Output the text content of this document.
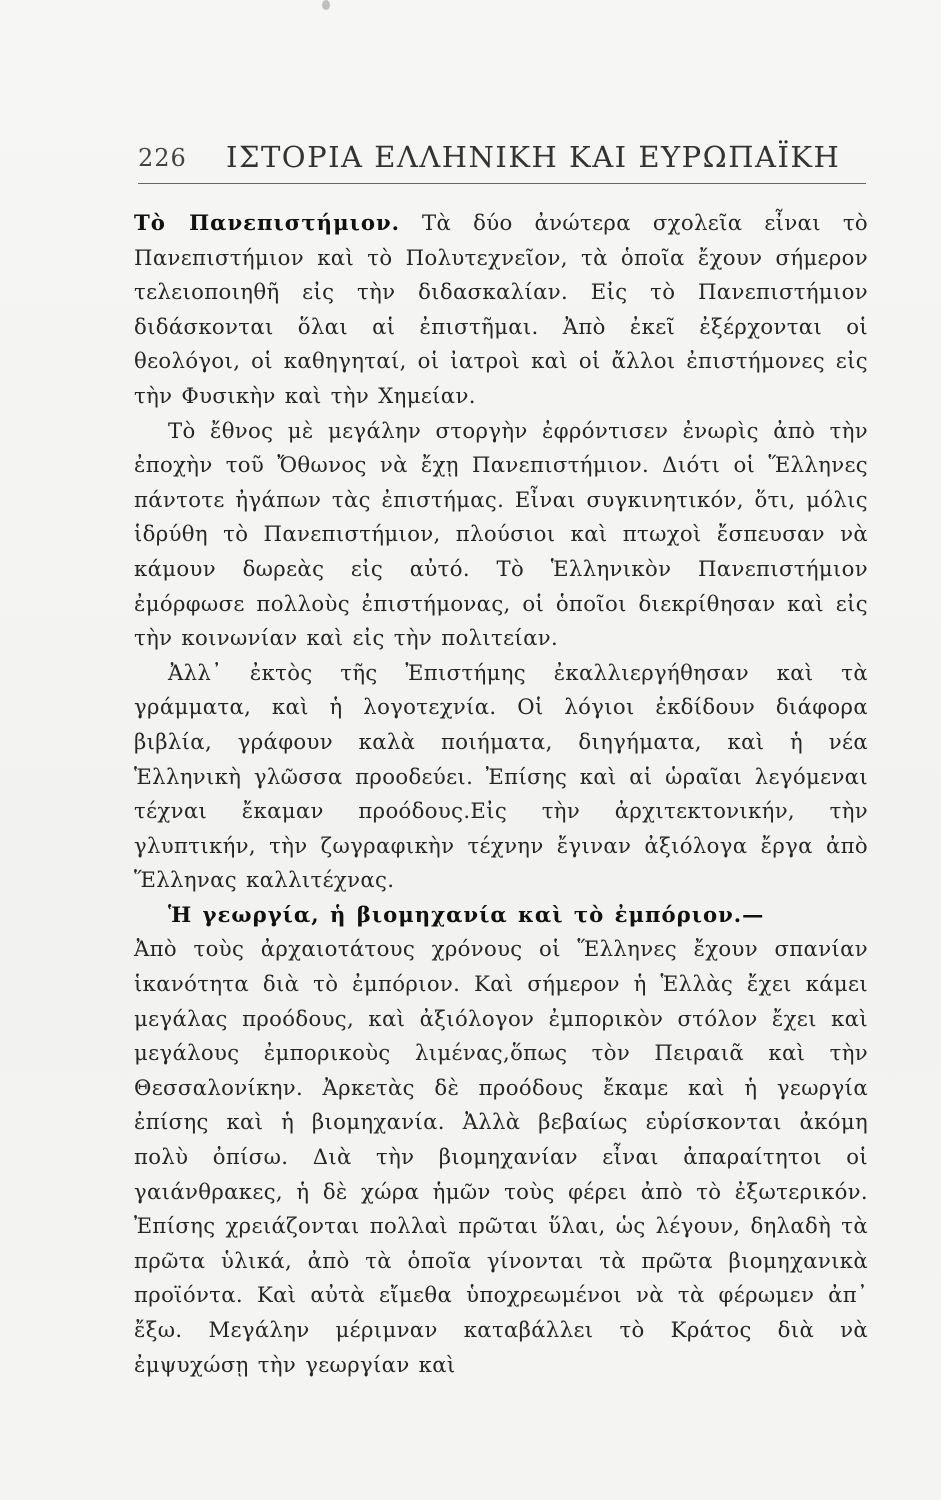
226 ΙΣΤΟΡΙΑ ΕΛΛΗΝΙΚΗ ΚΑΙ ΕΥΡΩΠΑΪΚΗ

Τὸ Πανεπιστήμιον. Τὰ δύο ἀνώτερα σχολεῖα εἶναι τὸ Πανεπιστήμιον καὶ τὸ Πολυτεχνεῖον, τὰ ὁποῖα ἔχουν σήμερον τελειοποιηθῆ εἰς τὴν διδασκαλίαν. Εἰς τὸ Πανεπιστήμιον διδάσκονται ὅλαι αἱ ἐπιστῆμαι. Ἀπὸ ἐκεῖ ἐξέρχονται οἱ θεολόγοι, οἱ καθηγηταί, οἱ ἰατροὶ καὶ οἱ ἄλλοι ἐπιστήμονες εἰς τὴν Φυσικὴν καὶ τὴν Χημείαν.

Τὸ ἔθνος μὲ μεγάλην στοργὴν ἐφρόντισεν ἐνωρὶς ἀπὸ τὴν ἐποχὴν τοῦ Ὄθωνος νὰ ἔχῃ Πανεπιστήμιον. Διότι οἱ Ἕλληνες πάντοτε ἠγάπων τὰς ἐπιστήμας. Εἶναι συγκινητικόν, ὅτι, μόλις ἱδρύθη τὸ Πανεπιστήμιον, πλούσιοι καὶ πτωχοὶ ἔσπευσαν νὰ κάμουν δωρεὰς εἰς αὐτό. Τὸ Ἑλληνικὸν Πανεπιστήμιον ἐμόρφωσε πολλοὺς ἐπιστήμονας, οἱ ὁποῖοι διεκρίθησαν καὶ εἰς τὴν κοινωνίαν καὶ εἰς τὴν πολιτείαν.

Ἀλλ᾽ ἐκτὸς τῆς Ἐπιστήμης ἐκαλλιεργήθησαν καὶ τὰ γράμματα, καὶ ἡ λογοτεχνία. Οἱ λόγιοι ἐκδίδουν διάφορα βιβλία, γράφουν καλὰ ποιήματα, διηγήματα, καὶ ἡ νέα Ἑλληνικὴ γλῶσσα προοδεύει. Ἐπίσης καὶ αἱ ὡραῖαι λεγόμεναι τέχναι ἔκαμαν προόδους.Εἰς τὴν ἀρχιτεκτονικήν, τὴν γλυπτικήν, τὴν ζωγραφικὴν τέχνην ἔγιναν ἀξιόλογα ἔργα ἀπὸ Ἕλληνας καλλιτέχνας.

Ἡ γεωργία, ἡ βιομηχανία καὶ τὸ ἐμπόριον.—

Ἀπὸ τοὺς ἀρχαιοτάτους χρόνους οἱ Ἕλληνες ἔχουν σπανίαν ἱκανότητα διὰ τὸ ἐμπόριον. Καὶ σήμερον ἡ Ἑλλὰς ἔχει κάμει μεγάλας προόδους, καὶ ἀξιόλογον ἐμπορικὸν στόλον ἔχει καὶ μεγάλους ἐμπορικοὺς λιμένας,ὅπως τὸν Πειραιᾶ καὶ τὴν Θεσσαλονίκην. Ἀρκετὰς δὲ προόδους ἔκαμε καὶ ἡ γεωργία ἐπίσης καὶ ἡ βιομηχανία. Ἀλλὰ βεβαίως εὑρίσκονται ἀκόμη πολὺ ὀπίσω. Διὰ τὴν βιομηχανίαν εἶναι ἀπαραίτητοι οἱ γαιάνθρακες, ἡ δὲ χώρα ἡμῶν τοὺς φέρει ἀπὸ τὸ ἐξωτερικόν. Ἐπίσης χρειάζονται πολλαὶ πρῶται ὕλαι, ὡς λέγουν, δηλαδὴ τὰ πρῶτα ὑλικά, ἀπὸ τὰ ὁποῖα γίνονται τὰ πρῶτα βιομηχανικὰ προϊόντα. Καὶ αὐτὰ εἴμεθα ὑποχρεωμένοι νὰ τὰ φέρωμεν ἀπ᾽ ἔξω. Μεγάλην μέριμναν καταβάλλει τὸ Κράτος διὰ νὰ ἐμψυχώσῃ τὴν γεωργίαν καὶ
